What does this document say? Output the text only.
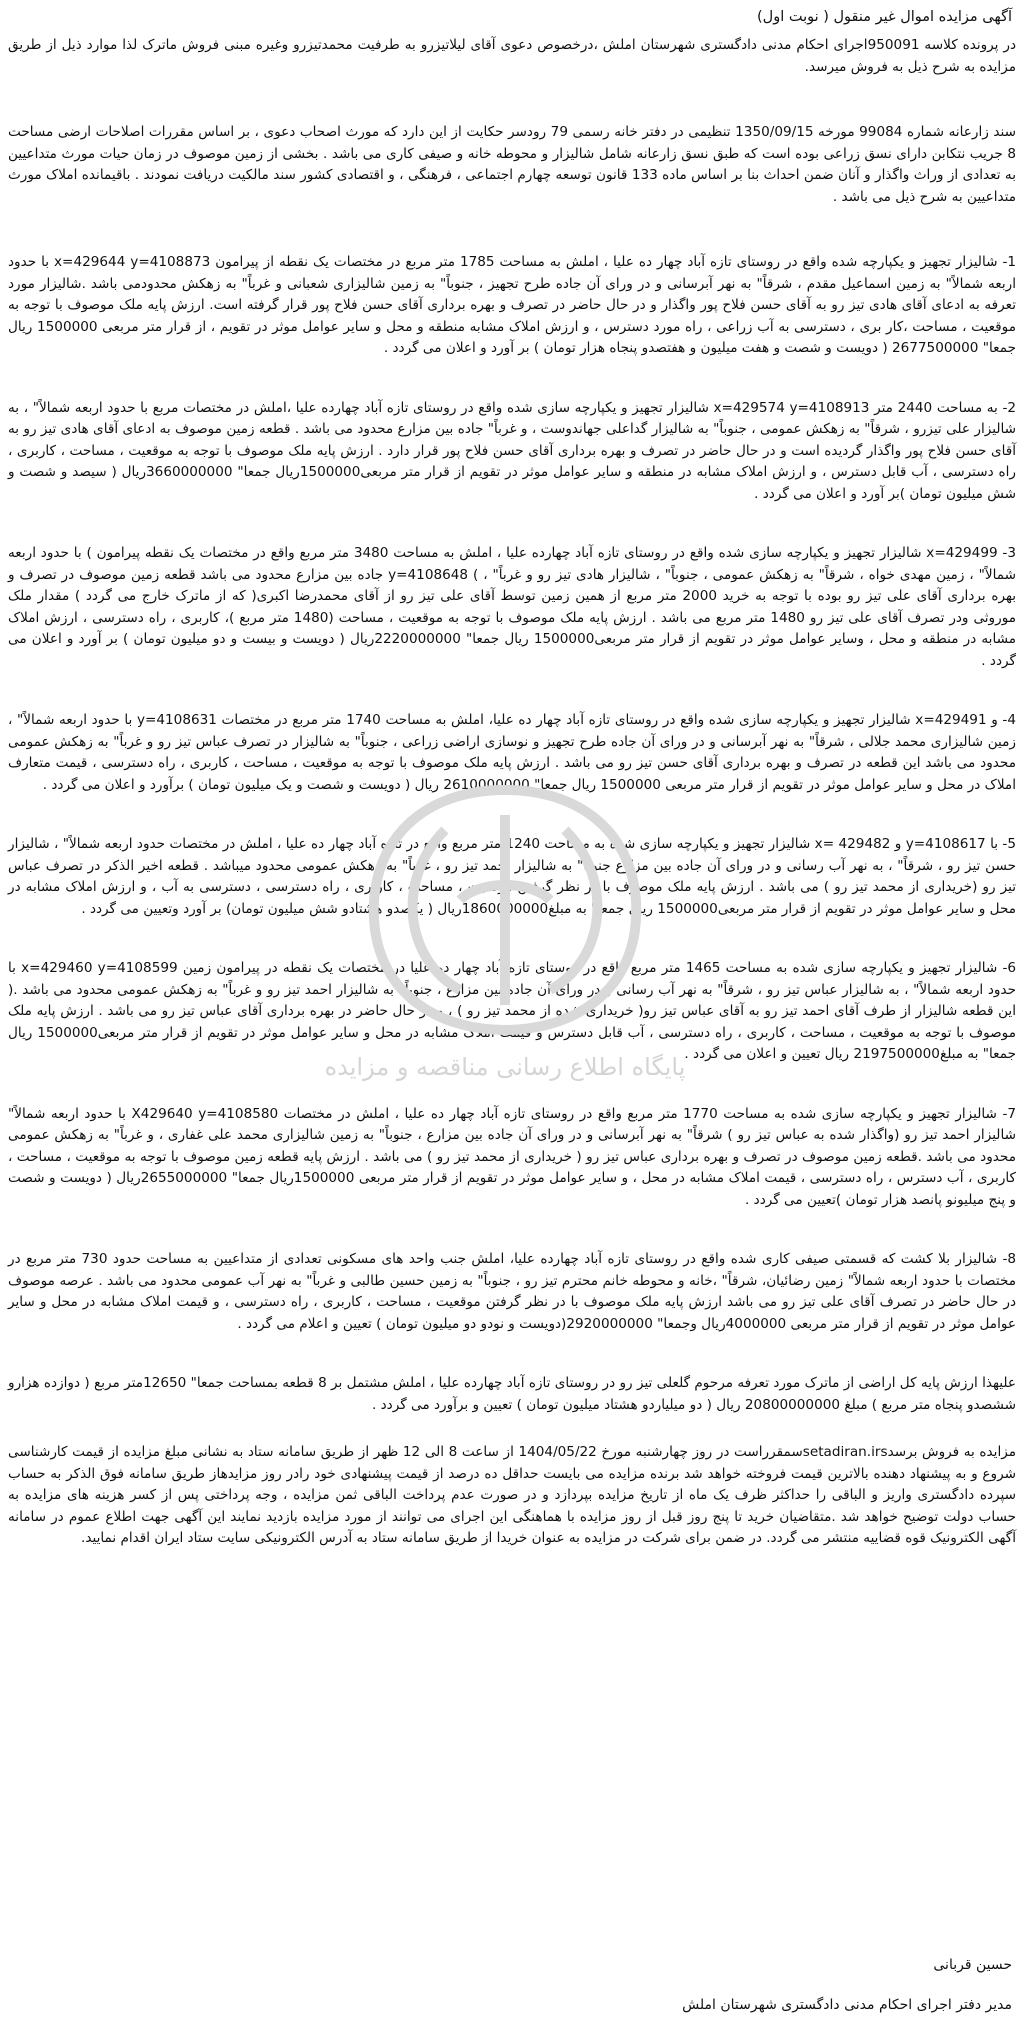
پایگاه اطلاع رسانی مناقصه و مزایده

آگهی مزایده اموال غیر منقول ( نوبت اول)

در پرونده کلاسه 950091اجرای احکام مدنی دادگستری شهرستان املش ،درخصوص دعوی آقای لیلاتیزرو به طرفیت محمدتیزرو وغیره مبنی فروش ماترک لذا موارد ذیل از طریق مزایده به شرح ذیل به فروش میرسد.

سند زارعانه شماره 99084 مورخه 1350/09/15 تنظیمی در دفتر خانه رسمی 79 رودسر حکایت از این دارد که مورث اصحاب دعوی ، بر اساس مقررات اصلاحات ارضی مساحت 8 جریب نتکابن دارای نسق زراعی بوده است که طبق نسق زارعانه شامل شالیزار و محوطه خانه و صیفی کاری می باشد . بخشی از زمین موصوف در زمان حیات مورث متداعیین به تعدادی از وراث واگذار و آنان ضمن احداث بنا بر اساس ماده 133 قانون توسعه چهارم اجتماعی ، فرهنگی ، و اقتصادی کشور سند مالکیت دریافت نمودند . باقیمانده املاک مورث متداعیین به شرح ذیل می باشد .

1- شالیزار تجهیز و یکپارچه شده واقع در روستای تازه آباد چهار ده علیا ، املش به مساحت 1785 متر مربع در مختصات یک نقطه از پیرامون x=429644 y=4108873 با حدود اربعه شمالاً" به زمین اسماعیل مقدم ، شرقاً" به نهر آبرسانی و در ورای آن جاده طرح تجهیز ، جنوباً" به زمین شالیزاری شعبانی و غرباً" به زهکش محدودمی باشد .شالیزار مورد تعرفه به ادعای آقای هادی تیز رو به آقای حسن فلاح پور واگذار و در حال حاضر در تصرف و بهره برداری آقای حسن فلاح پور قرار گرفته است. ارزش پایه ملک موصوف با توجه به موقعیت ، مساحت ،کار بری ، دسترسی به آب زراعی ، راه مورد دسترس ، و ارزش املاک مشابه منطقه و محل و سایر عوامل موثر در تقویم ، از قرار متر مربعی 1500000 ریال جمعا" 2677500000 ( دویست و شصت و هفت میلیون و هفتصدو پنجاه هزار تومان ) بر آورد و اعلان می گردد .

2- به مساحت 2440 متر x=429574 y=4108913 شالیزار تجهیز و یکپارچه سازی شده واقع در روستای تازه آباد چهارده علیا ،املش در مختصات مربع با حدود اربعه شمالاً" ، به شالیزار علی تیزرو ، شرقاً" به زهکش عمومی ، جنوباً" به شالیزار گداعلی جهاندوست ، و غرباً" جاده بین مزارع محدود می باشد . قطعه زمین موصوف به ادعای آقای هادی تیز رو به آقای حسن فلاح پور واگذار گردیده است و در حال حاضر در تصرف و بهره برداری آقای حسن فلاح پور قرار دارد . ارزش پایه ملک موصوف با توجه به موقعیت ، مساحت ، کاربری ، راه دسترسی ، آب قابل دسترس ، و ارزش املاک مشابه در منطقه و سایر عوامل موثر در تقویم از قرار متر مربعی1500000ریال جمعا" 3660000000ریال ( سیصد و شصت و شش میلیون تومان )بر آورد و اعلان می گردد .

3- x=429499 شالیزار تجهیز و یکپارچه سازی شده واقع در روستای تازه آباد چهارده علیا ، املش به مساحت 3480 متر مربع واقع در مختصات یک نقطه پیرامون ) با حدود اربعه شمالاً" ، زمین مهدی خواه ، شرقاً" به زهکش عمومی ، جنوباً" ، شالیزار هادی تیز رو و غرباً" ، ) y=4108648 جاده بین مزارع محدود می باشد قطعه زمین موصوف در تصرف و بهره برداری آقای علی تیز رو بوده با توجه به خرید 2000 متر مربع از همین زمین توسط آقای علی تیز رو از آقای محمدرضا اکبری( که از ماترک خارج می گردد ) مقدار ملک موروثی ودر تصرف آقای علی تیز رو 1480 متر مربع می باشد . ارزش پایه ملک موصوف با توجه به موقعیت ، مساحت (1480 متر مربع )، کاربری ، راه دسترسی ، ارزش املاک مشابه در منطقه و محل ، وسایر عوامل موثر در تقویم از قرار متر مربعی1500000 ریال جمعا" 2220000000ریال ( دویست و بیست و دو میلیون تومان ) بر آورد و اعلان می گردد .

4- و x=429491 شالیزار تجهیز و یکپارچه سازی شده واقع در روستای تازه آباد چهار ده علیا، املش به مساحت 1740 متر مربع در مختصات y=4108631 با حدود اربعه شمالاً" ، زمین شالیزاری محمد جلالی ، شرقاً" به نهر آبرسانی و در ورای آن جاده طرح تجهیز و نوسازی اراضی زراعی ، جنوباً" به شالیزار در تصرف عباس تیز رو و غرباً" به زهکش عمومی محدود می باشد این قطعه در تصرف و بهره برداری آقای حسن تیز رو می باشد . ارزش پایه ملک موصوف با توجه به موقعیت ، مساحت ، کاربری ، راه دسترسی ، قیمت متعارف املاک در محل و سایر عوامل موثر در تقویم از قرار متر مربعی 1500000 ریال جمعا" 2610000000 ریال ( دویست و شصت و یک میلیون تومان ) برآورد و اعلان می گردد .

5- با y=4108617 و x= 429482 شالیزار تجهیز و یکپارچه سازی شده به مساحت 1240 متر مربع واقع در تازه آباد چهار ده علیا ، املش در مختصات حدود اربعه شمالاً" ، شالیزار حسن تیز رو ، شرقاً" ، به نهر آب رسانی و در ورای آن جاده بین مزارع جنوباً" به شالیزار احمد تیز رو ، غرباً" به زهکش عمومی محدود میباشد . قطعه اخیر الذکر در تصرف عباس تیز رو (خریداری از محمد تیز رو ) می باشد . ارزش پایه ملک موصوف با در نظر گرفتن موقعیت ، مساحت ، کاربری ، راه دسترسی ، دسترسی به آب ، و ارزش املاک مشابه در محل و سایر عوامل موثر در تقویم از قرار متر مربعی1500000 ریال جمعا" به مبلغ1860000000ریال ( یکصدو هشتادو شش میلیون تومان) بر آورد وتعیین می گردد .

6- شالیزار تجهیز و یکپارچه سازی شده به مساحت 1465 متر مربع واقع در روستای تازه آباد چهار ده علیا در مختصات یک نقطه در پیرامون زمین x=429460 y=4108599 با حدود اربعه شمالاً" ، به شالیزار عباس تیز رو ، شرقاً" به نهر آب رسانی و در ورای آن جاده بین مزارع ، جنوباً" به شالیزار احمد تیز رو و غرباً" به زهکش عمومی محدود می باشد .( این قطعه شالیزار از طرف آقای احمد تیز رو به آقای عباس تیز رو( خریداری شده از محمد تیز رو ) ، و در حال حاضر در بهره برداری آقای عباس تیز رو می باشد . ارزش پایه ملک موصوف با توجه به موقعیت ، مساحت ، کاربری ، راه دسترسی ، آب قابل دسترس و قیمت املاک مشابه در محل و سایر عوامل موثر در تقویم از قرار متر مربعی1500000 ریال جمعا" به مبلغ2197500000 ریال تعیین و اعلان می گردد .

7- شالیزار تجهیز و یکپارچه سازی شده به مساحت 1770 متر مربع واقع در روستای تازه آباد چهار ده علیا ، املش در مختصات X429640 y=4108580 با حدود اربعه شمالاً" شالیزار احمد تیز رو (واگذار شده به عباس تیز رو ) شرقاً" به نهر آبرسانی و در ورای آن جاده بین مزارع ، جنوباً" به زمین شالیزاری محمد علی غفاری ، و غرباً" به زهکش عمومی محدود می باشد .قطعه زمین موصوف در تصرف و بهره برداری عباس تیز رو ( خریداری از محمد تیز رو ) می باشد . ارزش پایه قطعه زمین موصوف با توجه به موقعیت ، مساحت ، کاربری ، آب دسترس ، راه دسترسی ، قیمت املاک مشابه در محل ، و سایر عوامل موثر در تقویم از قرار متر مربعی 1500000ریال جمعا" 2655000000ریال ( دویست و شصت و پنج میلیونو پانصد هزار تومان )تعیین می گردد .

8- شالیزار بلا کشت که قسمتی صیفی کاری شده واقع در روستای تازه آباد چهارده علیا، املش جنب واحد های مسکونی تعدادی از متداعیین به مساحت حدود 730 متر مربع در مختصات با حدود اربعه شمالاً" زمین رضائیان، شرقاً" ،خانه و محوطه خانم محترم تیز رو ، جنوباً" به زمین حسین طالبی و غرباً" به نهر آب عمومی محدود می باشد . عرصه موصوف در حال حاضر در تصرف آقای علی تیز رو می باشد ارزش پایه ملک موصوف با در نظر گرفتن موقعیت ، مساحت ، کاربری ، راه دسترسی ، و قیمت املاک مشابه در محل و سایر عوامل موثر در تقویم از قرار متر مربعی 4000000ریال وجمعا" 2920000000(دویست و نودو دو میلیون تومان ) تعیین و اعلام می گردد .

علیهذا ارزش پایه کل اراضی از ماترک مورد تعرفه مرحوم گلعلی تیز رو در روستای تازه آباد چهارده علیا ، املش مشتمل بر 8 قطعه بمساحت جمعا" 12650متر مربع ( دوازده هزارو ششصدو پنجاه متر مربع ) مبلغ 20800000000 ریال ( دو میلیاردو هشتاد میلیون تومان ) تعیین و برآورد می گردد .

مزایده به فروش برسدsetadiran.irsسمقرراست در روز چهارشنبه مورخ 1404/05/22 از ساعت 8 الی 12 ظهر از طریق سامانه ستاد به نشانی مبلغ مزایده از قیمت کارشناسی شروع و به پیشنهاد دهنده بالاترین قیمت فروخته خواهد شد برنده مزایده می بایست حداقل ده درصد از قیمت پیشنهادی خود رادر روز مزایدهاز طریق سامانه فوق الذکر به حساب سپرده دادگستری واریز و الباقی را حداکثر ظرف یک ماه از تاریخ مزایده بپردازد و در صورت عدم پرداخت الباقی ثمن مزایده ، وجه پرداختی پس از کسر هزینه های مزایده به حساب دولت توضیح خواهد شد .متقاضیان خرید تا پنج روز قبل از روز مزایده با هماهنگی این اجرای می توانند از مورد مزایده بازدید نمایند این آگهی جهت اطلاع عموم در سامانه آگهی الکترونیک قوه قضاییه منتشر می گردد. در ضمن برای شرکت در مزایده به عنوان خریدا از طریق سامانه ستاد به آدرس الکترونیکی سایت ستاد ایران اقدام نمایید.

حسین قربانی
مدیر دفتر اجرای احکام مدنی دادگستری شهرستان املش
